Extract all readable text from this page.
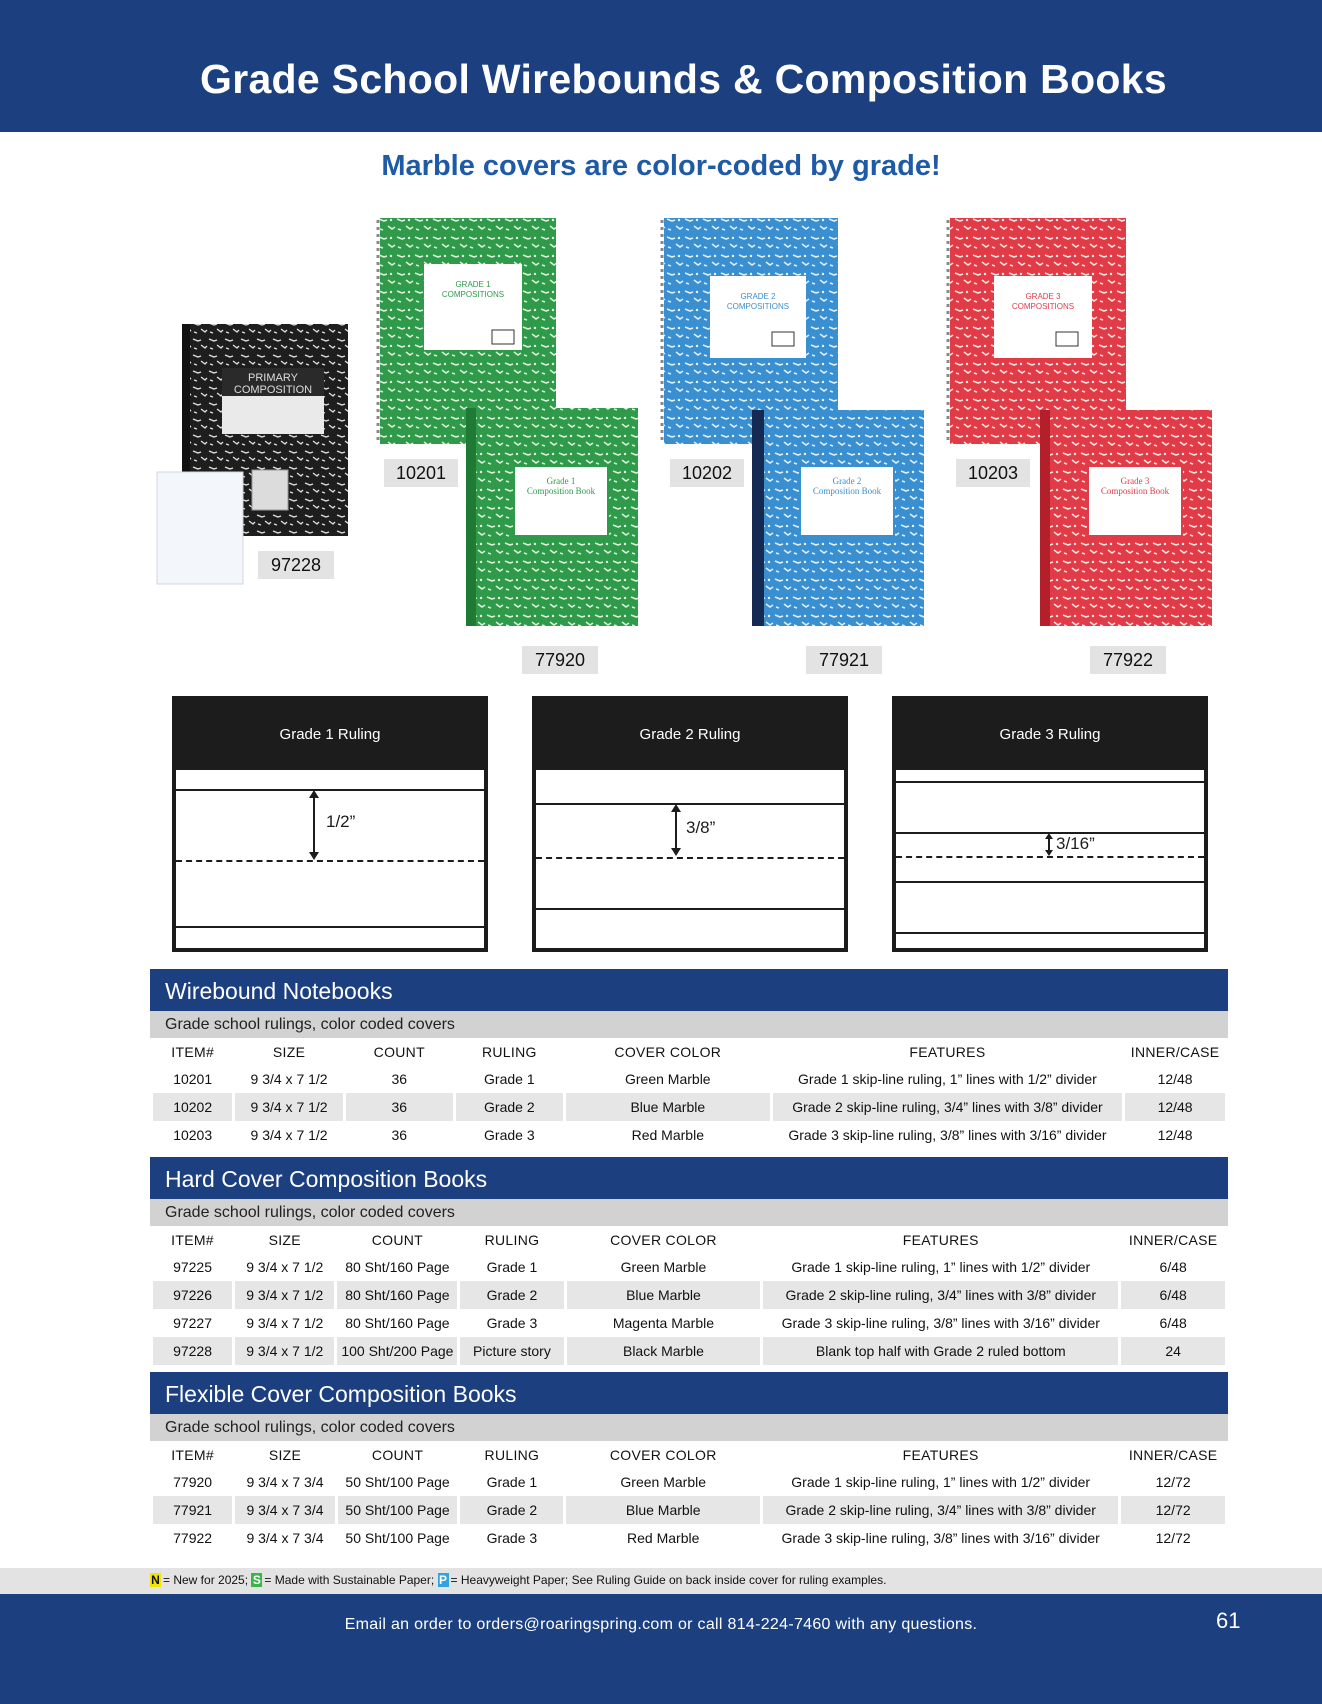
Grade School Wirebounds & Composition Books
Marble covers are color-coded by grade!
PRIMARY
COMPOSITION
GRADE 1
COMPOSITIONS
Grade 1
Composition Book
GRADE 2
COMPOSITIONS
Grade 2
Composition Book
GRADE 3
COMPOSITIONS
Grade 3
Composition Book
97228
10201	10202	10203
77920	77921	77922
Grade 1 Ruling
1/2”
Grade 2 Ruling
3/8”
Grade 3 Ruling
3/16”
Wirebound Notebooks
Grade school rulings, color coded covers
ITEM#	SIZE	COUNT	RULING	COVER COLOR	FEATURES	INNER/CASE
10201	9 3/4 x 7 1/2	36	Grade 1	Green Marble	Grade 1 skip-line ruling, 1” lines with 1/2” divider	12/48
10202	9 3/4 x 7 1/2	36	Grade 2	Blue Marble	Grade 2 skip-line ruling, 3/4” lines with 3/8” divider	12/48
10203	9 3/4 x 7 1/2	36	Grade 3	Red Marble	Grade 3 skip-line ruling, 3/8” lines with 3/16” divider	12/48
Hard Cover Composition Books
Grade school rulings, color coded covers
ITEM#	SIZE	COUNT	RULING	COVER COLOR	FEATURES	INNER/CASE
97225	9 3/4 x 7 1/2	80 Sht/160 Page	Grade 1	Green Marble	Grade 1 skip-line ruling, 1” lines with 1/2” divider	6/48
97226	9 3/4 x 7 1/2	80 Sht/160 Page	Grade 2	Blue Marble	Grade 2 skip-line ruling, 3/4” lines with 3/8” divider	6/48
97227	9 3/4 x 7 1/2	80 Sht/160 Page	Grade 3	Magenta Marble	Grade 3 skip-line ruling, 3/8” lines with 3/16” divider	6/48
97228	9 3/4 x 7 1/2	100 Sht/200 Page	Picture story	Black Marble	Blank top half with Grade 2 ruled bottom	24
Flexible Cover Composition Books
Grade school rulings, color coded covers
ITEM#	SIZE	COUNT	RULING	COVER COLOR	FEATURES	INNER/CASE
77920	9 3/4 x 7 3/4	50 Sht/100 Page	Grade 1	Green Marble	Grade 1 skip-line ruling, 1” lines with 1/2” divider	12/72
77921	9 3/4 x 7 3/4	50 Sht/100 Page	Grade 2	Blue Marble	Grade 2 skip-line ruling, 3/4” lines with 3/8” divider	12/72
77922	9 3/4 x 7 3/4	50 Sht/100 Page	Grade 3	Red Marble	Grade 3 skip-line ruling, 3/8” lines with 3/16” divider	12/72
N = New for 2025; S = Made with Sustainable Paper; P = Heavyweight Paper; See Ruling Guide on back inside cover for ruling examples.
Email an order to orders@roaringspring.com or call 814-224-7460 with any questions.	61
